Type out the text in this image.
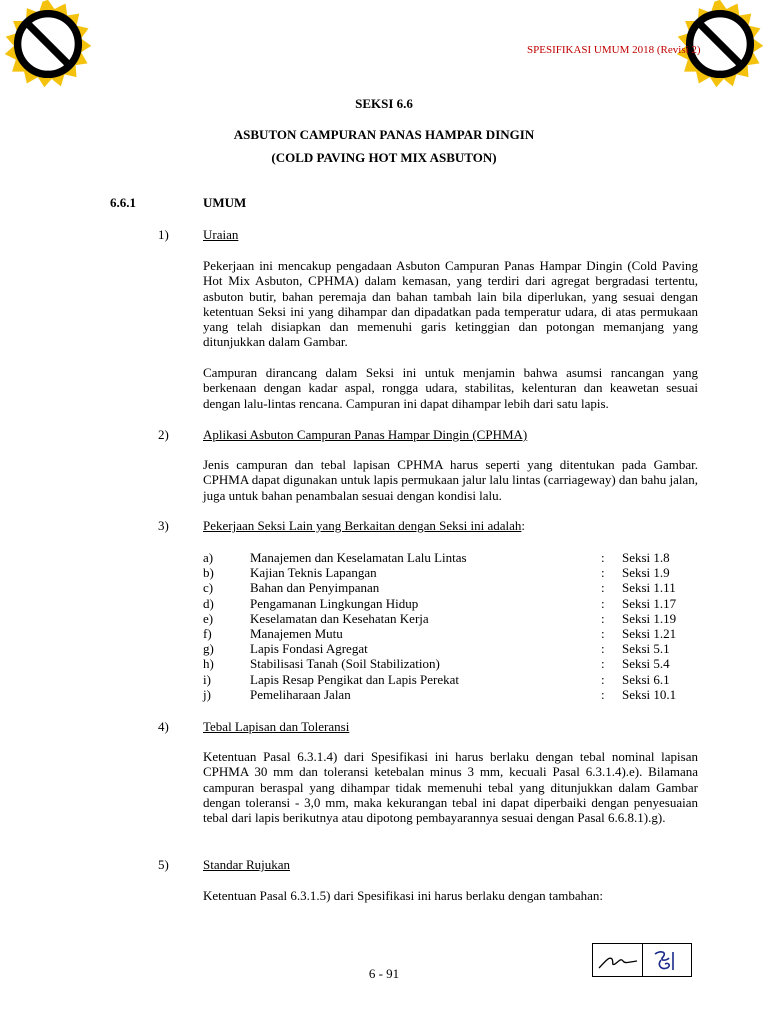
SPESIFIKASI UMUM 2018 (Revisi 2)
SEKSI 6.6
ASBUTON CAMPURAN PANAS HAMPAR DINGIN
(COLD PAVING HOT MIX ASBUTON)
6.6.1	UMUM
1)	Uraian

Pekerjaan ini mencakup pengadaan Asbuton Campuran Panas Hampar Dingin (Cold Paving Hot Mix Asbuton, CPHMA) dalam kemasan, yang terdiri dari agregat bergradasi tertentu, asbuton butir, bahan peremaja dan bahan tambah lain bila diperlukan, yang sesuai dengan ketentuan Seksi ini yang dihampar dan dipadatkan pada temperatur udara, di atas permukaan yang telah disiapkan dan memenuhi garis ketinggian dan potongan memanjang yang ditunjukkan dalam Gambar.

Campuran dirancang dalam Seksi ini untuk menjamin bahwa asumsi rancangan yang berkenaan dengan kadar aspal, rongga udara, stabilitas, kelenturan dan keawetan sesuai dengan lalu-lintas rencana. Campuran ini dapat dihampar lebih dari satu lapis.

2)	Aplikasi Asbuton Campuran Panas Hampar Dingin (CPHMA)

Jenis campuran dan tebal lapisan CPHMA harus seperti yang ditentukan pada Gambar. CPHMA dapat digunakan untuk lapis permukaan jalur lalu lintas (carriageway) dan bahu jalan, juga untuk bahan penambalan sesuai dengan kondisi lalu.

3)	Pekerjaan Seksi Lain yang Berkaitan dengan Seksi ini adalah:
a)	Manajemen dan Keselamatan Lalu Lintas	: Seksi 1.8
b)	Kajian Teknis Lapangan	: Seksi 1.9
c)	Bahan dan Penyimpanan	: Seksi 1.11
d)	Pengamanan Lingkungan Hidup	: Seksi 1.17
e)	Keselamatan dan Kesehatan Kerja	: Seksi 1.19
f)	Manajemen Mutu	: Seksi 1.21
g)	Lapis Fondasi Agregat	: Seksi 5.1
h)	Stabilisasi Tanah (Soil Stabilization)	: Seksi 5.4
i)	Lapis Resap Pengikat dan Lapis Perekat	: Seksi 6.1
j)	Pemeliharaan Jalan	: Seksi 10.1
4)	Tebal Lapisan dan Toleransi

Ketentuan Pasal 6.3.1.4) dari Spesifikasi ini harus berlaku dengan tebal nominal lapisan CPHMA 30 mm dan toleransi ketebalan minus 3 mm, kecuali Pasal 6.3.1.4).e). Bilamana campuran beraspal yang dihampar tidak memenuhi tebal yang ditunjukkan dalam Gambar dengan toleransi - 3,0 mm, maka kekurangan tebal ini dapat diperbaiki dengan penyesuaian tebal dari lapis berikutnya atau dipotong pembayarannya sesuai dengan Pasal 6.6.8.1).g).

5)	Standar Rujukan

Ketentuan Pasal 6.3.1.5) dari Spesifikasi ini harus berlaku dengan tambahan:

6 - 91
